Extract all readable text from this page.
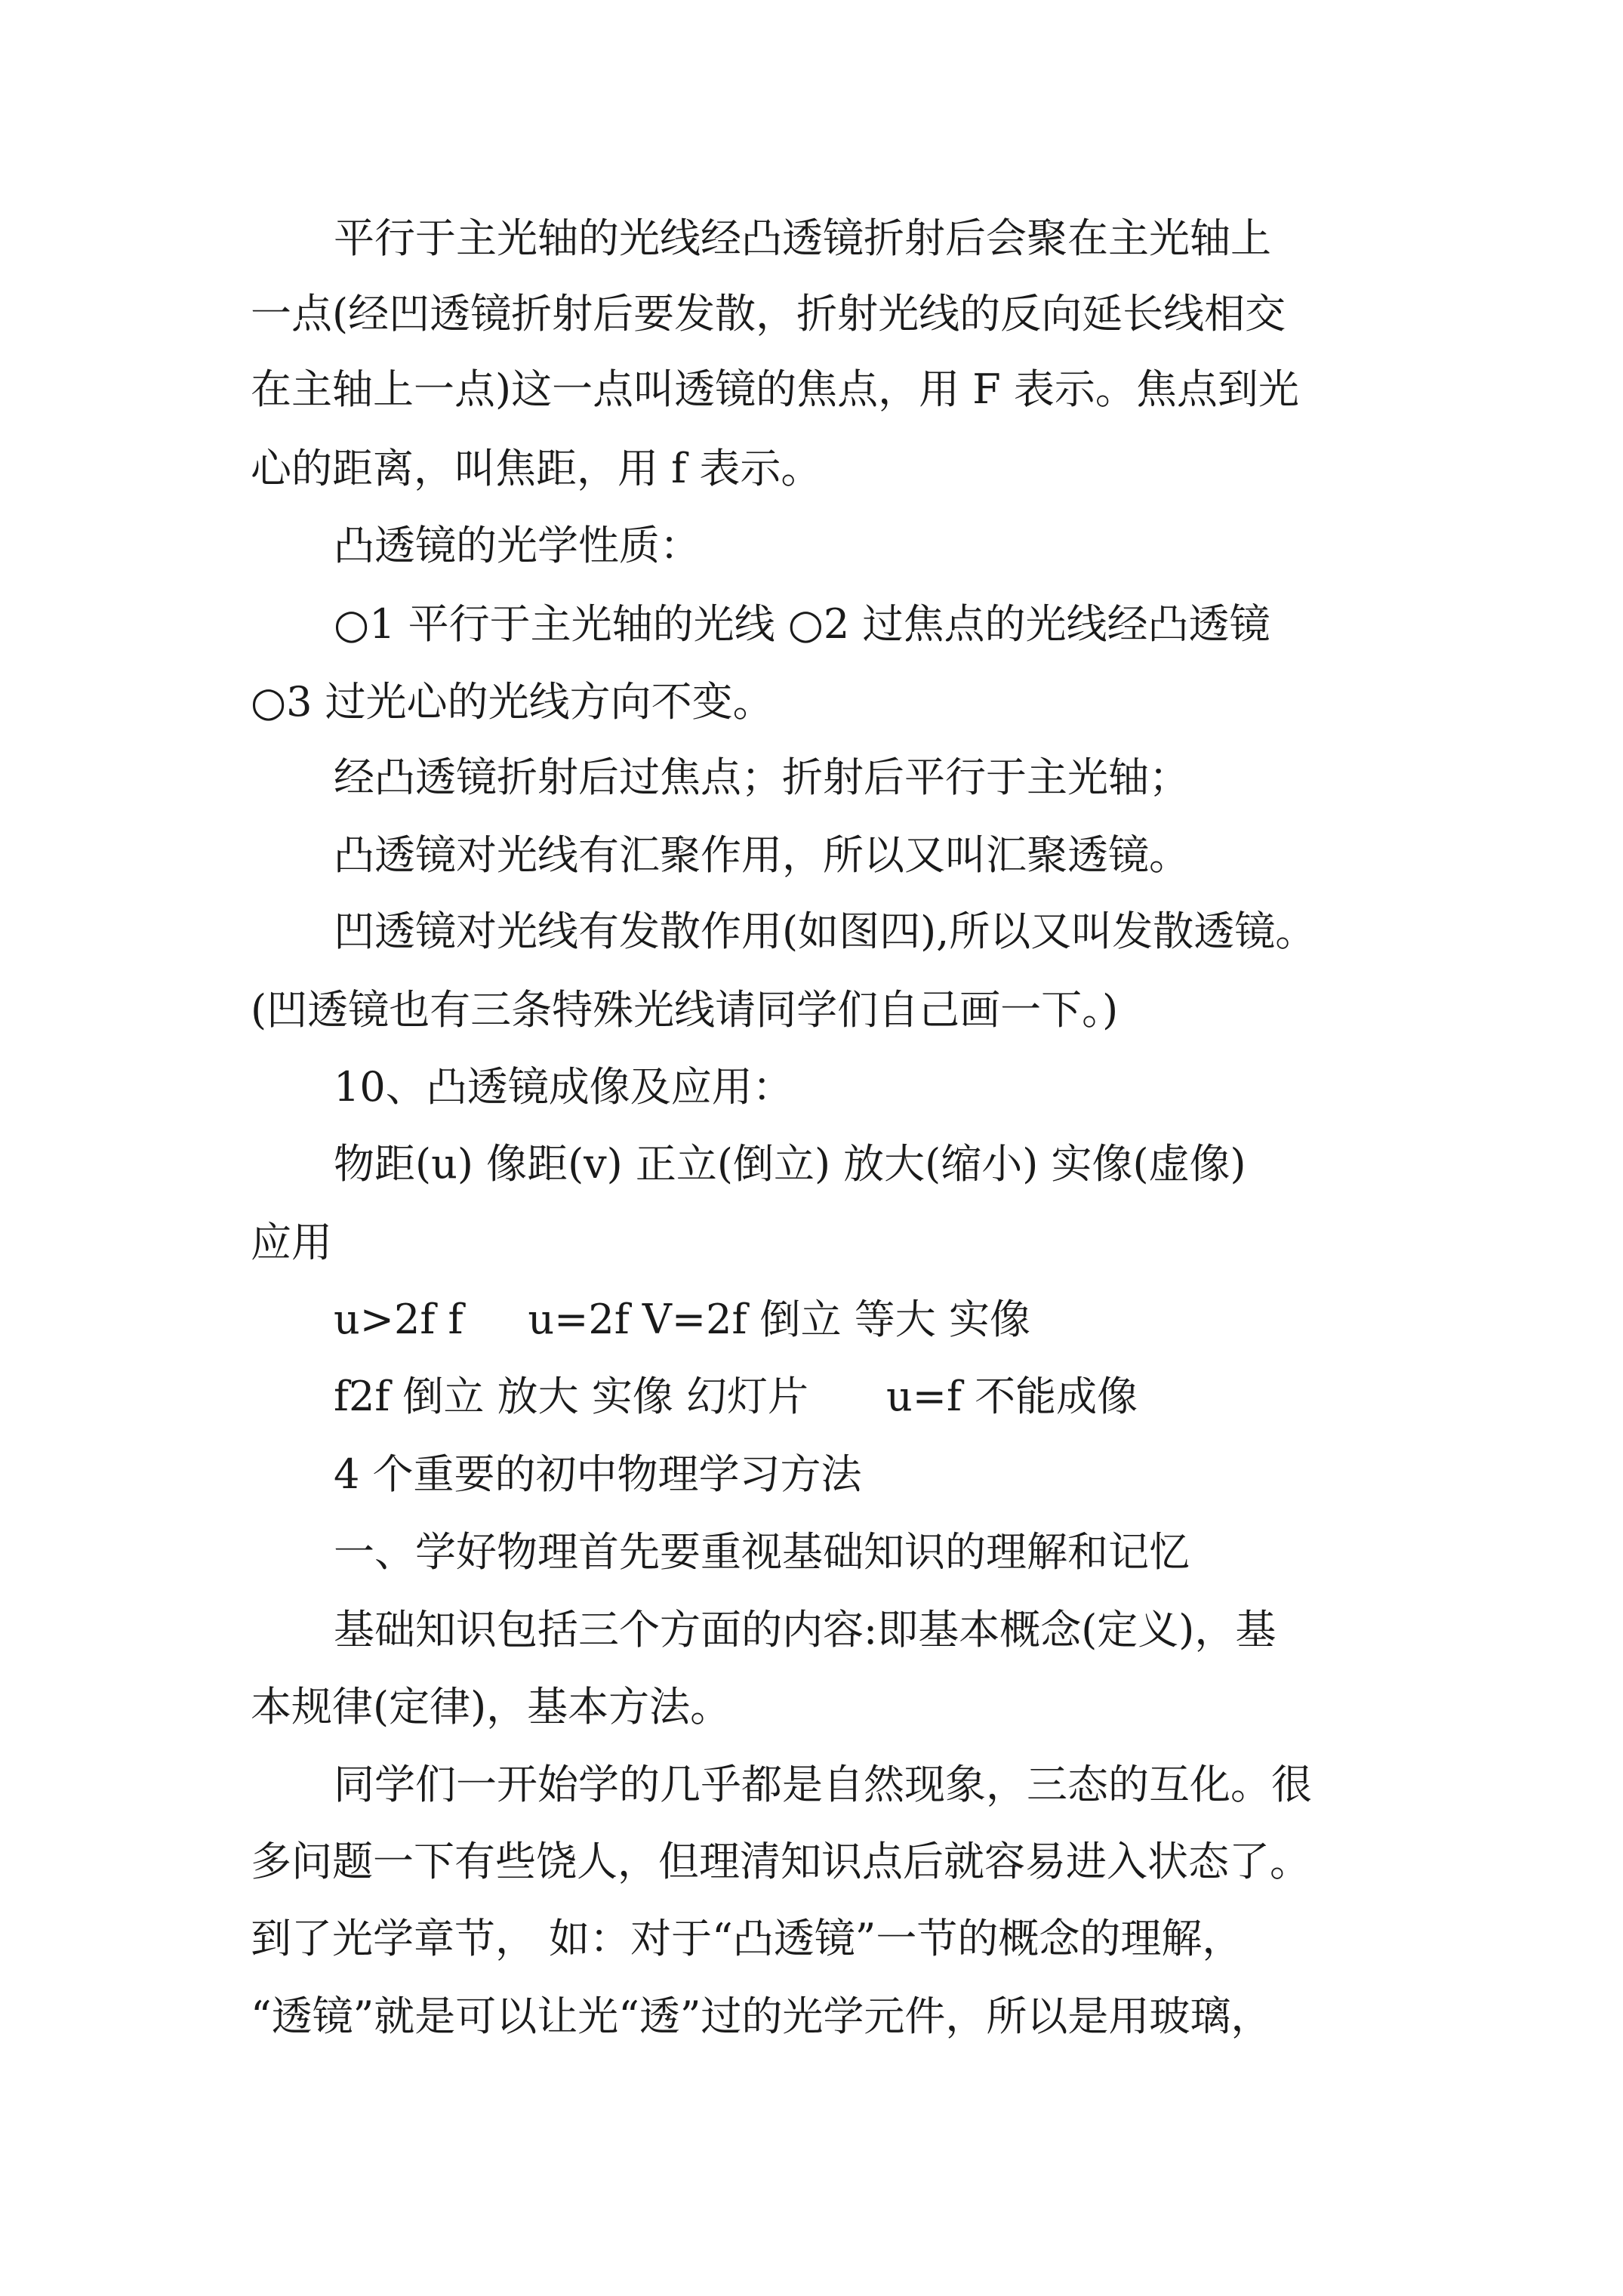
平行于主光轴的光线经凸透镜折射后会聚在主光轴上
一点(经凹透镜折射后要发散，折射光线的反向延长线相交
在主轴上一点)这一点叫透镜的焦点，用 F 表示。焦点到光
心的距离，叫焦距，用 f 表示。
凸透镜的光学性质：
○1 平行于主光轴的光线 ○2 过焦点的光线经凸透镜
○3 过光心的光线方向不变。
经凸透镜折射后过焦点；折射后平行于主光轴；
凸透镜对光线有汇聚作用，所以又叫汇聚透镜。
凹透镜对光线有发散作用(如图四),所以又叫发散透镜。
(凹透镜也有三条特殊光线请同学们自己画一下。)
10、凸透镜成像及应用：
物距(u) 像距(v) 正立(倒立) 放大(缩小) 实像(虚像)
应用
u>2f f     u=2f V=2f 倒立 等大 实像
f2f 倒立 放大 实像 幻灯片      u=f 不能成像
4 个重要的初中物理学习方法
一、学好物理首先要重视基础知识的理解和记忆
基础知识包括三个方面的内容:即基本概念(定义)，基
本规律(定律)，基本方法。
同学们一开始学的几乎都是自然现象，三态的互化。很
多问题一下有些饶人，但理清知识点后就容易进入状态了。
到了光学章节， 如：对于“凸透镜”一节的概念的理解，
“透镜”就是可以让光“透”过的光学元件，所以是用玻璃，
